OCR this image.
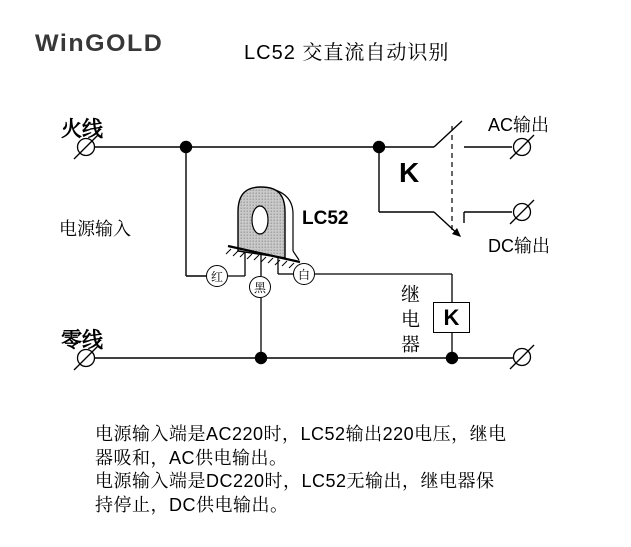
WinGOLD	LC52 交直流自动识别
火线
零线
电源输入
AC输出
DC输出
K
LC52
继电器 K
红
黑
白
电源输入端是AC220时，LC52输出220电压，继电
器吸和，AC供电输出。
电源输入端是DC220时，LC52无输出，继电器保
持停止，DC供电输出。
